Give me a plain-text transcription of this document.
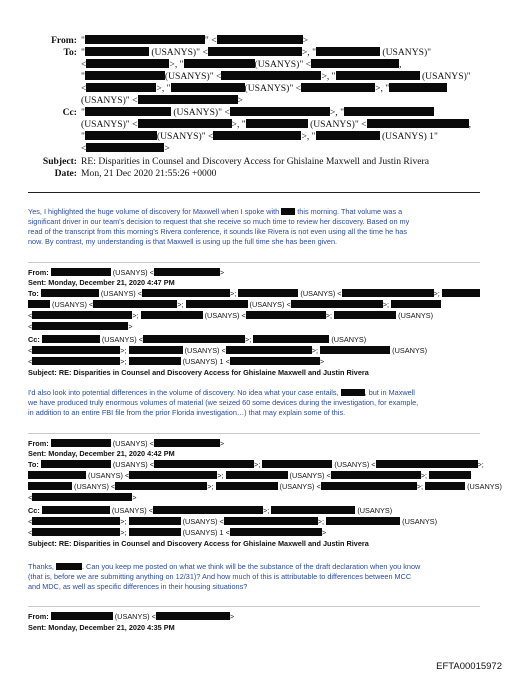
From: "	" <	>
To: "	(USANYS)" <	>, "	(USANYS)"
<	>, "	(USANYS)" <	,
"	(USANYS)" <	>, "	(USANYS)"
<	>, "	(USANYS)" <	>, "
(USANYS)" <	>
Cc: "	(USANYS)" <	>, "
(USANYS)" <	>, "	(USANYS)" <	,
"	(USANYS)" <	>, "	(USANYS) 1"
<	>
Subject: RE: Disparities in Counsel and Discovery Access for Ghislaine Maxwell and Justin Rivera
Date: Mon, 21 Dec 2020 21:55:26 +0000
Yes, I highlighted the huge volume of discovery for Maxwell when I spoke with this morning. That volume was a
significant driver in our team's decision to request that she receive so much time to review her discovery. Based on my
read of the transcript from this morning's Rivera conference, it sounds like Rivera is not even using all the time he has
now. By contrast, my understanding is that Maxwell is using up the full time she has been given.
From:	(USANYS) <	>
Sent: Monday, December 21, 2020 4:47 PM
To:	(USANYS) <	>;	(USANYS) <	>;
(USANYS) <	>;	(USANYS) <	>;
<	>;	(USANYS) <	>;	(USANYS)
<	>
Cc:	(USANYS) <	>;	(USANYS)
<	>;	(USANYS) <	>;	(USANYS)
<	>;	(USANYS) 1 <	>
Subject: RE: Disparities in Counsel and Discovery Access for Ghislaine Maxwell and Justin Rivera
I'd also look into potential differences in the volume of discovery. No idea what your case entails,	, but in Maxwell
we have produced truly enormous volumes of material (we seized 60 some devices during the investigation, for example,
in addition to an entire FBI file from the prior Florida investigation…) that may explain some of this.
From:	(USANYS) <	>
Sent: Monday, December 21, 2020 4:42 PM
To:	(USANYS) <	>;	(USANYS) <	>;
(USANYS) <	>;	(USANYS) <	>;
(USANYS) <	>;	(USANYS) <	>;	(USANYS)
<	>
Cc:	(USANYS) <	>;	(USANYS)
<	>;	(USANYS) <	>;	(USANYS)
<	>;	(USANYS) 1 <	>
Subject: RE: Disparities in Counsel and Discovery Access for Ghislaine Maxwell and Justin Rivera
Thanks,	. Can you keep me posted on what we think will be the substance of the draft declaration when you know
(that is, before we are submitting anything on 12/31)? And how much of this is attributable to differences between MCC
and MDC, as well as specific differences in their housing situations?
From:	(USANYS) <	>
Sent: Monday, December 21, 2020 4:35 PM
EFTA00015972
